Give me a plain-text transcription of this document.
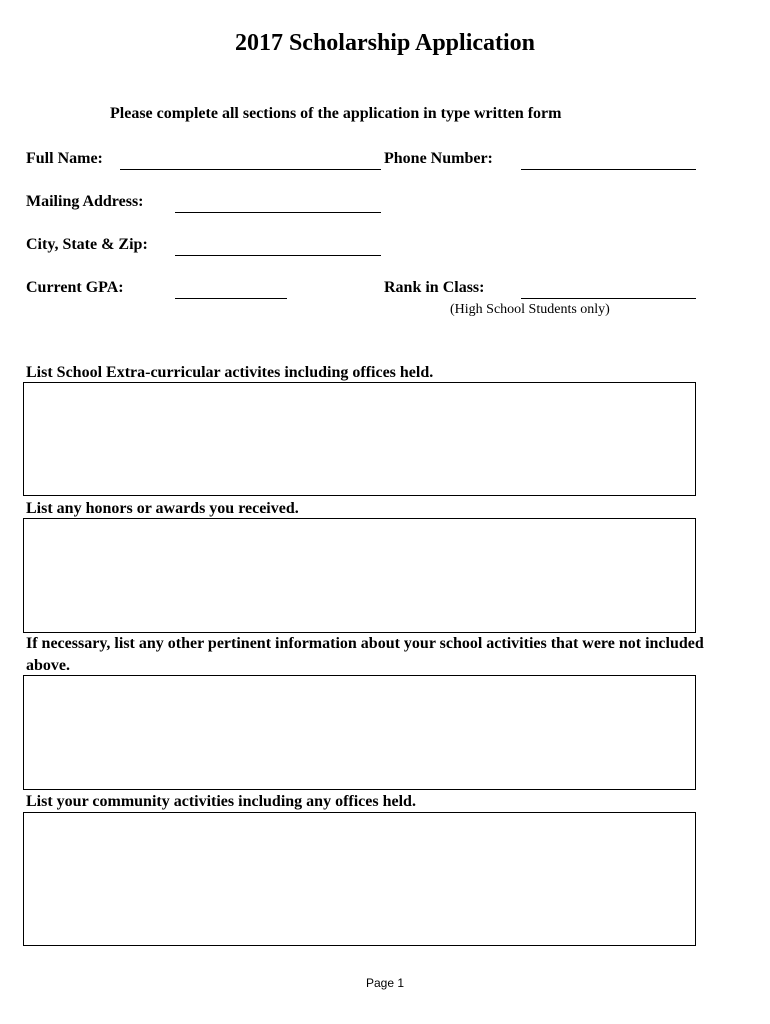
2017 Scholarship Application
Please complete all sections of the application in type written form
Full Name:	Phone Number:
Mailing Address:
City, State & Zip:
Current GPA:	Rank in Class:
(High School Students only)
List School Extra-curricular activites including offices held.
List any honors or awards you received.
If necessary, list any other pertinent information about your school activities that were not included above.
List your community activities including any offices held.
Page 1
